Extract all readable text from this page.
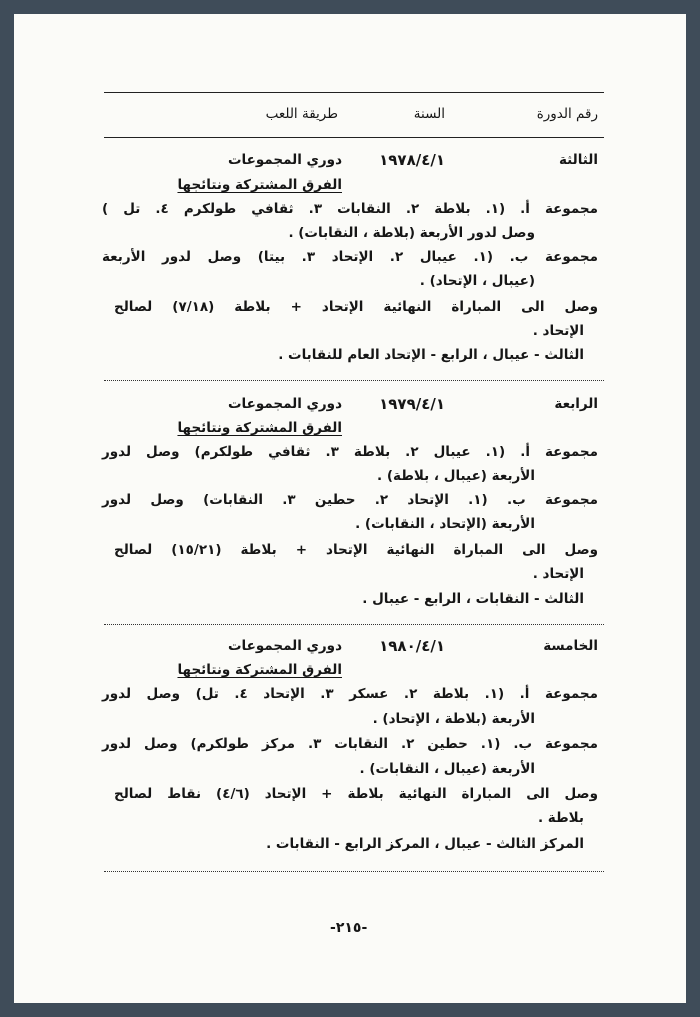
رقم الدورة
السنة
طريقة اللعب
الثالثة
١٩٧٨/٤/١
دوري المجموعات
الفرق المشتركة ونتائجها
مجموعة أ. (١. بلاطة ٢. النقابات ٣. ثقافي طولكرم ٤. تل )
وصل لدور الأربعة (بلاطة ، النقابات) .
مجموعة ب. (١. عيبال ٢. الإتحاد ٣. بيتا) وصل لدور الأربعة
(عيبال ، الإتحاد) .
وصل الى المباراة النهائية الإتحاد + بلاطة (٧/١٨) لصالح
الإتحاد .
الثالث - عيبال ، الرابع - الإتحاد العام للنقابات .
الرابعة
١٩٧٩/٤/١
دوري المجموعات
الفرق المشتركة ونتائجها
مجموعة أ. (١. عيبال ٢. بلاطة ٣. ثقافي طولكرم) وصل لدور
الأربعة (عيبال ، بلاطة) .
مجموعة ب. (١. الإتحاد ٢. حطين ٣. النقابات) وصل لدور
الأربعة (الإتحاد ، النقابات) .
وصل الى المباراة النهائية الإتحاد + بلاطة (١٥/٢١) لصالح
الإتحاد .
الثالث - النقابات ، الرابع - عيبال .
الخامسة
١٩٨٠/٤/١
دوري المجموعات
الفرق المشتركة ونتائجها
مجموعة أ. (١. بلاطة ٢. عسكر ٣. الإتحاد ٤. تل) وصل لدور
الأربعة (بلاطة ، الإتحاد) .
مجموعة ب. (١. حطين ٢. النقابات ٣. مركز طولكرم) وصل لدور
الأربعة (عيبال ، النقابات) .
وصل الى المباراة النهائية بلاطة + الإتحاد (٤/٦) نقاط لصالح
بلاطة .
المركز الثالث - عيبال ، المركز الرابع - النقابات .
-٢١٥-
